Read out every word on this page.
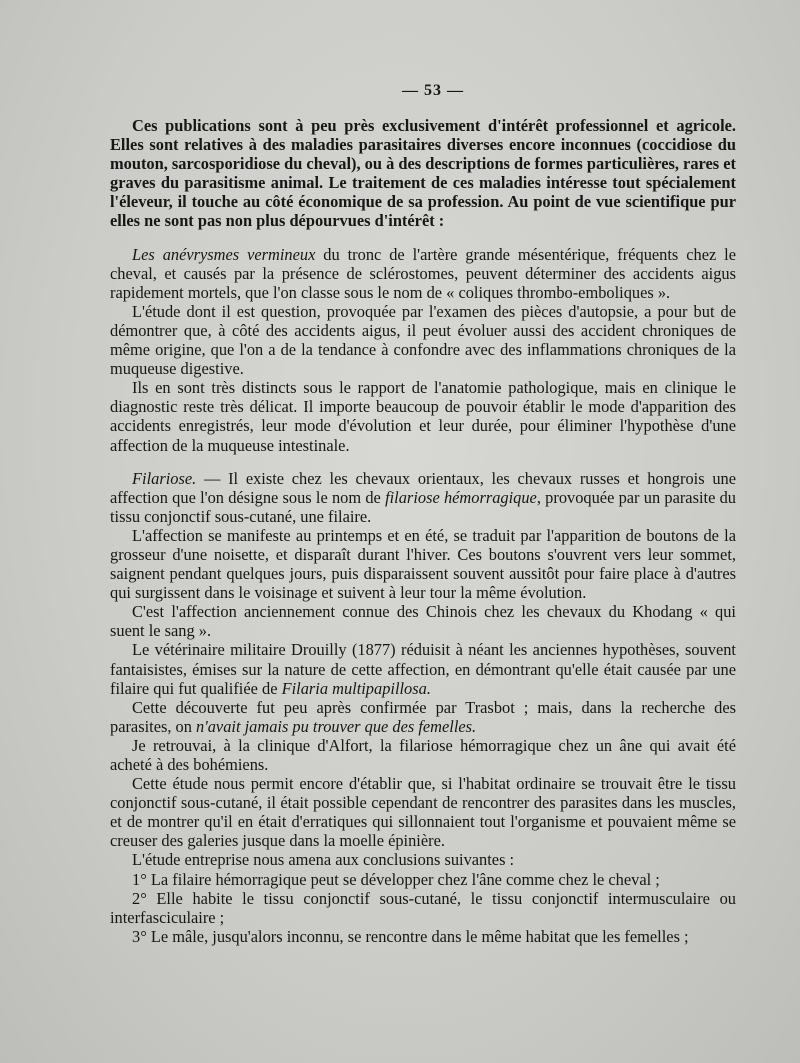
— 53 —

Ces publications sont à peu près exclusivement d'intérêt professionnel et agricole. Elles sont relatives à des maladies parasitaires diverses encore inconnues (coccidiose du mouton, sarcosporidiose du cheval), ou à des descriptions de formes particulières, rares et graves du parasitisme animal. Le traitement de ces maladies intéresse tout spécialement l'éleveur, il touche au côté économique de sa profession. Au point de vue scientifique pur elles ne sont pas non plus dépourvues d'intérêt :

Les anévrysmes vermineux du tronc de l'artère grande mésentérique, fréquents chez le cheval, et causés par la présence de sclérostomes, peuvent déterminer des accidents aigus rapidement mortels, que l'on classe sous le nom de « coliques thrombo-emboliques ».

L'étude dont il est question, provoquée par l'examen des pièces d'autopsie, a pour but de démontrer que, à côté des accidents aigus, il peut évoluer aussi des accident chroniques de même origine, que l'on a de la tendance à confondre avec des inflammations chroniques de la muqueuse digestive.

Ils en sont très distincts sous le rapport de l'anatomie pathologique, mais en clinique le diagnostic reste très délicat. Il importe beaucoup de pouvoir établir le mode d'apparition des accidents enregistrés, leur mode d'évolution et leur durée, pour éliminer l'hypothèse d'une affection de la muqueuse intestinale.

Filariose. — Il existe chez les chevaux orientaux, les chevaux russes et hongrois une affection que l'on désigne sous le nom de filariose hémorragique, provoquée par un parasite du tissu conjonctif sous-cutané, une filaire.

L'affection se manifeste au printemps et en été, se traduit par l'apparition de boutons de la grosseur d'une noisette, et disparaît durant l'hiver. Ces boutons s'ouvrent vers leur sommet, saignent pendant quelques jours, puis disparaissent souvent aussitôt pour faire place à d'autres qui surgissent dans le voisinage et suivent à leur tour la même évolution.

C'est l'affection anciennement connue des Chinois chez les chevaux du Khodang « qui suent le sang ».

Le vétérinaire militaire Drouilly (1877) réduisit à néant les anciennes hypothèses, souvent fantaisistes, émises sur la nature de cette affection, en démontrant qu'elle était causée par une filaire qui fut qualifiée de Filaria multipapillosa.

Cette découverte fut peu après confirmée par Trasbot ; mais, dans la recherche des parasites, on n'avait jamais pu trouver que des femelles.

Je retrouvai, à la clinique d'Alfort, la filariose hémorragique chez un âne qui avait été acheté à des bohémiens.

Cette étude nous permit encore d'établir que, si l'habitat ordinaire se trouvait être le tissu conjonctif sous-cutané, il était possible cependant de rencontrer des parasites dans les muscles, et de montrer qu'il en était d'erratiques qui sillonnaient tout l'organisme et pouvaient même se creuser des galeries jusque dans la moelle épinière.

L'étude entreprise nous amena aux conclusions suivantes :

1° La filaire hémorragique peut se développer chez l'âne comme chez le cheval ;

2° Elle habite le tissu conjonctif sous-cutané, le tissu conjonctif intermusculaire ou interfasciculaire ;

3° Le mâle, jusqu'alors inconnu, se rencontre dans le même habitat que les femelles ;
